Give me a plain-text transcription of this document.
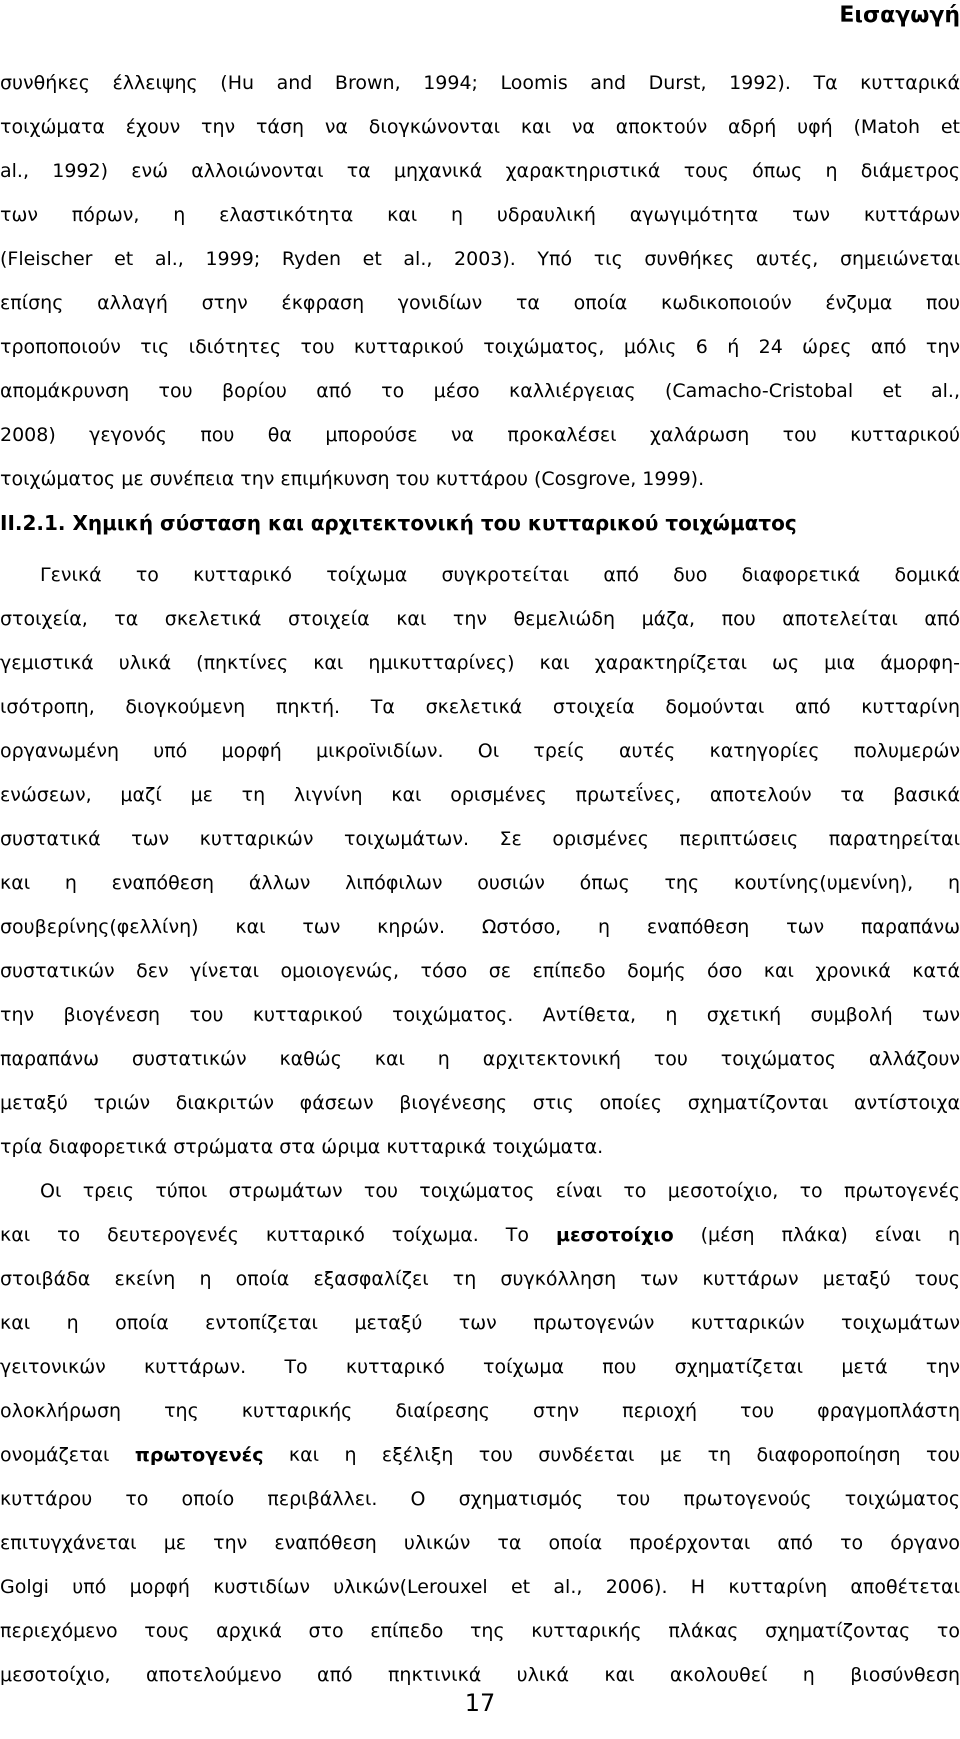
Εισαγωγή
συνθήκες έλλειψης (Hu and Brown, 1994; Loomis and Durst, 1992). Τα κυτταρικά
τοιχώματα έχουν την τάση να διογκώνονται και να αποκτούν αδρή υφή (Matoh et
al., 1992) ενώ αλλοιώνονται τα μηχανικά χαρακτηριστικά τους όπως η διάμετρος
των πόρων, η ελαστικότητα και η υδραυλική αγωγιμότητα των κυττάρων
(Fleischer et al., 1999; Ryden et al., 2003). Υπό τις συνθήκες αυτές, σημειώνεται
επίσης αλλαγή στην έκφραση γονιδίων τα οποία κωδικοποιούν ένζυμα που
τροποποιούν τις ιδιότητες του κυτταρικού τοιχώματος, μόλις 6 ή 24 ώρες από την
απομάκρυνση του βορίου από το μέσο καλλιέργειας (Camacho-Cristobal et al.,
2008) γεγονός που θα μπορούσε να προκαλέσει χαλάρωση του κυτταρικού
τοιχώματος με συνέπεια την επιμήκυνση του κυττάρου (Cosgrove, 1999).
II.2.1. Χημική σύσταση και αρχιτεκτονική του κυτταρικού τοιχώματος
Γενικά το κυτταρικό τοίχωμα συγκροτείται από δυο διαφορετικά δομικά
στοιχεία, τα σκελετικά στοιχεία και την θεμελιώδη μάζα, που αποτελείται από
γεμιστικά υλικά (πηκτίνες και ημικυτταρίνες) και χαρακτηρίζεται ως μια άμορφη-
ισότροπη, διογκούμενη πηκτή. Τα σκελετικά στοιχεία δομούνται από κυτταρίνη
οργανωμένη υπό μορφή μικροϊνιδίων. Οι τρείς αυτές κατηγορίες πολυμερών
ενώσεων, μαζί με τη λιγνίνη και ορισμένες πρωτεΐνες, αποτελούν τα βασικά
συστατικά των κυτταρικών τοιχωμάτων. Σε ορισμένες περιπτώσεις παρατηρείται
και η εναπόθεση άλλων λιπόφιλων ουσιών όπως της κουτίνης(υμενίνη), η
σουβερίνης(φελλίνη) και των κηρών. Ωστόσο, η εναπόθεση των παραπάνω
συστατικών δεν γίνεται ομοιογενώς, τόσο σε επίπεδο δομής όσο και χρονικά κατά
την βιογένεση του κυτταρικού τοιχώματος. Αντίθετα, η σχετική συμβολή των
παραπάνω συστατικών καθώς και η αρχιτεκτονική του τοιχώματος αλλάζουν
μεταξύ τριών διακριτών φάσεων βιογένεσης στις οποίες σχηματίζονται αντίστοιχα
τρία διαφορετικά στρώματα στα ώριμα κυτταρικά τοιχώματα.
Οι τρεις τύποι στρωμάτων του τοιχώματος είναι το μεσοτοίχιο, το πρωτογενές
και το δευτερογενές κυτταρικό τοίχωμα. Το μεσοτοίχιο (μέση πλάκα) είναι η
στοιβάδα εκείνη η οποία εξασφαλίζει τη συγκόλληση των κυττάρων μεταξύ τους
και η οποία εντοπίζεται μεταξύ των πρωτογενών κυτταρικών τοιχωμάτων
γειτονικών κυττάρων. Το κυτταρικό τοίχωμα που σχηματίζεται μετά την
ολοκλήρωση της κυτταρικής διαίρεσης στην περιοχή του φραγμοπλάστη
ονομάζεται πρωτογενές και η εξέλιξη του συνδέεται με τη διαφοροποίηση του
κυττάρου το οποίο περιβάλλει. Ο σχηματισμός του πρωτογενούς τοιχώματος
επιτυγχάνεται με την εναπόθεση υλικών τα οποία προέρχονται από το όργανο
Golgi υπό μορφή κυστιδίων υλικών(Lerouxel et al., 2006). Η κυτταρίνη αποθέτεται
περιεχόμενο τους αρχικά στο επίπεδο της κυτταρικής πλάκας σχηματίζοντας το
μεσοτοίχιο, αποτελούμενο από πηκτινικά υλικά και ακολουθεί η βιοσύνθεση
17
